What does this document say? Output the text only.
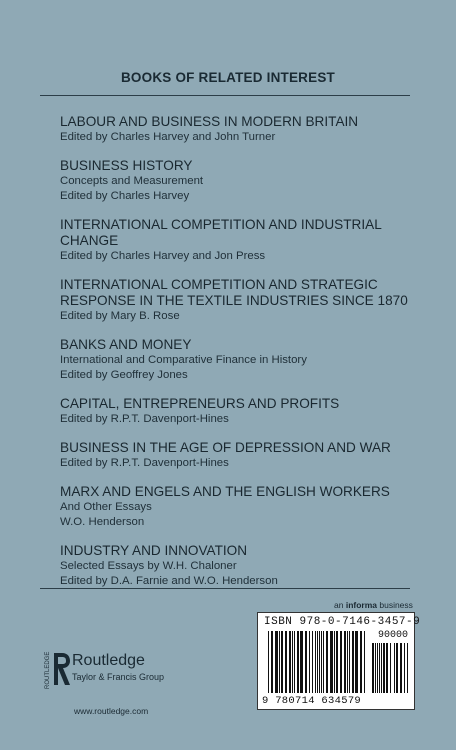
BOOKS OF RELATED INTEREST
LABOUR AND BUSINESS IN MODERN BRITAIN
Edited by Charles Harvey and John Turner
BUSINESS HISTORY
Concepts and Measurement
Edited by Charles Harvey
INTERNATIONAL COMPETITION AND INDUSTRIAL
CHANGE
Edited by Charles Harvey and Jon Press
INTERNATIONAL COMPETITION AND STRATEGIC
RESPONSE IN THE TEXTILE INDUSTRIES SINCE 1870
Edited by Mary B. Rose
BANKS AND MONEY
International and Comparative Finance in History
Edited by Geoffrey Jones
CAPITAL, ENTREPRENEURS AND PROFITS
Edited by R.P.T. Davenport-Hines
BUSINESS IN THE AGE OF DEPRESSION AND WAR
Edited by R.P.T. Davenport-Hines
MARX AND ENGELS AND THE ENGLISH WORKERS
And Other Essays
W.O. Henderson
INDUSTRY AND INNOVATION
Selected Essays by W.H. Chaloner
Edited by D.A. Farnie and W.O. Henderson
an informa business
ISBN 978-0-7146-3457-9
90000
9 780714 634579
ROUTLEDGE Routledge
Taylor & Francis Group
www.routledge.com
